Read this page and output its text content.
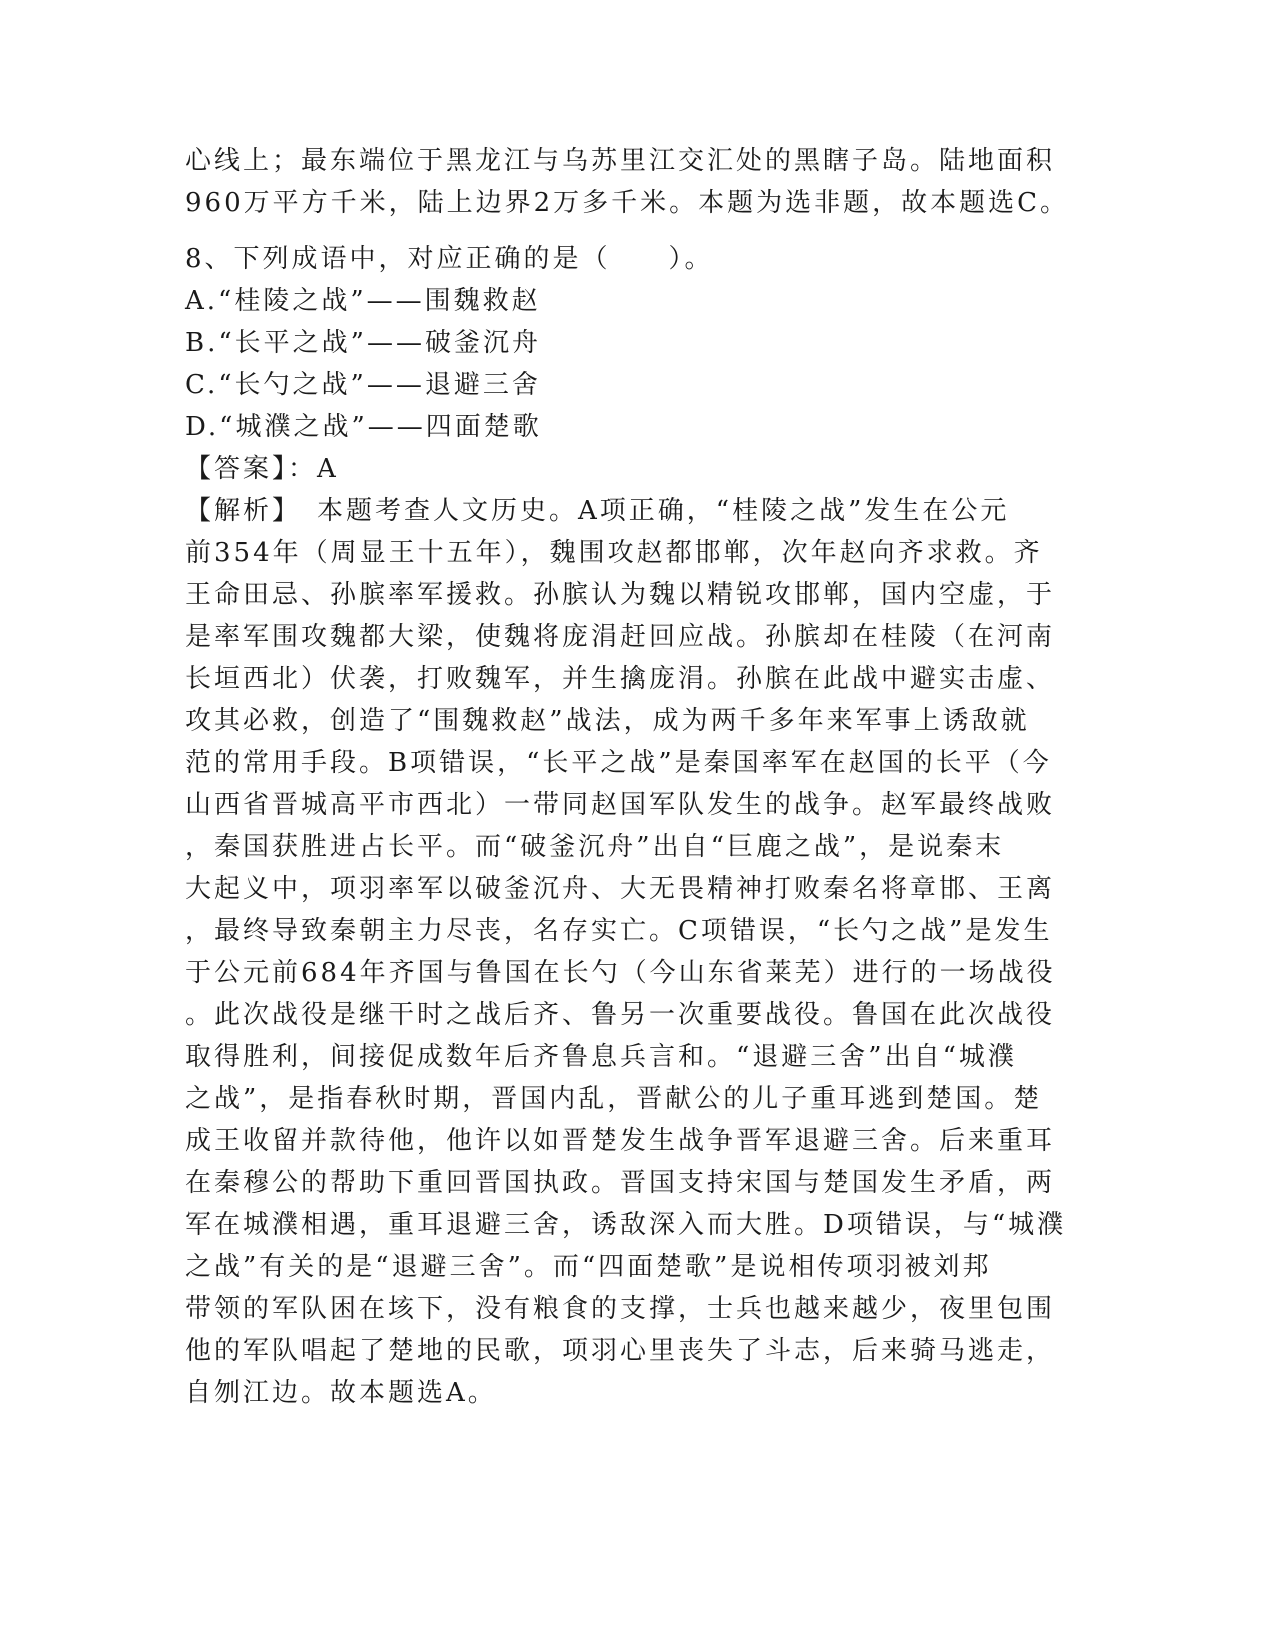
心线上；最东端位于黑龙江与乌苏里江交汇处的黑瞎子岛。陆地面积
960万平方千米，陆上边界2万多千米。本题为选非题，故本题选C。
8、下列成语中，对应正确的是（　　）。
A.“桂陵之战”——围魏救赵
B.“长平之战”——破釜沉舟
C.“长勺之战”——退避三舍
D.“城濮之战”——四面楚歌
【答案】：A
【解析】　本题考查人文历史。A项正确，“桂陵之战”发生在公元
前354年（周显王十五年），魏围攻赵都邯郸，次年赵向齐求救。齐
王命田忌、孙膑率军援救。孙膑认为魏以精锐攻邯郸，国内空虚，于
是率军围攻魏都大梁，使魏将庞涓赶回应战。孙膑却在桂陵（在河南
长垣西北）伏袭，打败魏军，并生擒庞涓。孙膑在此战中避实击虚、
攻其必救，创造了“围魏救赵”战法，成为两千多年来军事上诱敌就
范的常用手段。B项错误，“长平之战”是秦国率军在赵国的长平（今
山西省晋城高平市西北）一带同赵国军队发生的战争。赵军最终战败
，秦国获胜进占长平。而“破釜沉舟”出自“巨鹿之战”，是说秦末
大起义中，项羽率军以破釜沉舟、大无畏精神打败秦名将章邯、王离
，最终导致秦朝主力尽丧，名存实亡。C项错误，“长勺之战”是发生
于公元前684年齐国与鲁国在长勺（今山东省莱芜）进行的一场战役
。此次战役是继干时之战后齐、鲁另一次重要战役。鲁国在此次战役
取得胜利，间接促成数年后齐鲁息兵言和。“退避三舍”出自“城濮
之战”，是指春秋时期，晋国内乱，晋献公的儿子重耳逃到楚国。楚
成王收留并款待他，他许以如晋楚发生战争晋军退避三舍。后来重耳
在秦穆公的帮助下重回晋国执政。晋国支持宋国与楚国发生矛盾，两
军在城濮相遇，重耳退避三舍，诱敌深入而大胜。D项错误，与“城濮
之战”有关的是“退避三舍”。而“四面楚歌”是说相传项羽被刘邦
带领的军队困在垓下，没有粮食的支撑，士兵也越来越少，夜里包围
他的军队唱起了楚地的民歌，项羽心里丧失了斗志，后来骑马逃走，
自刎江边。故本题选A。
